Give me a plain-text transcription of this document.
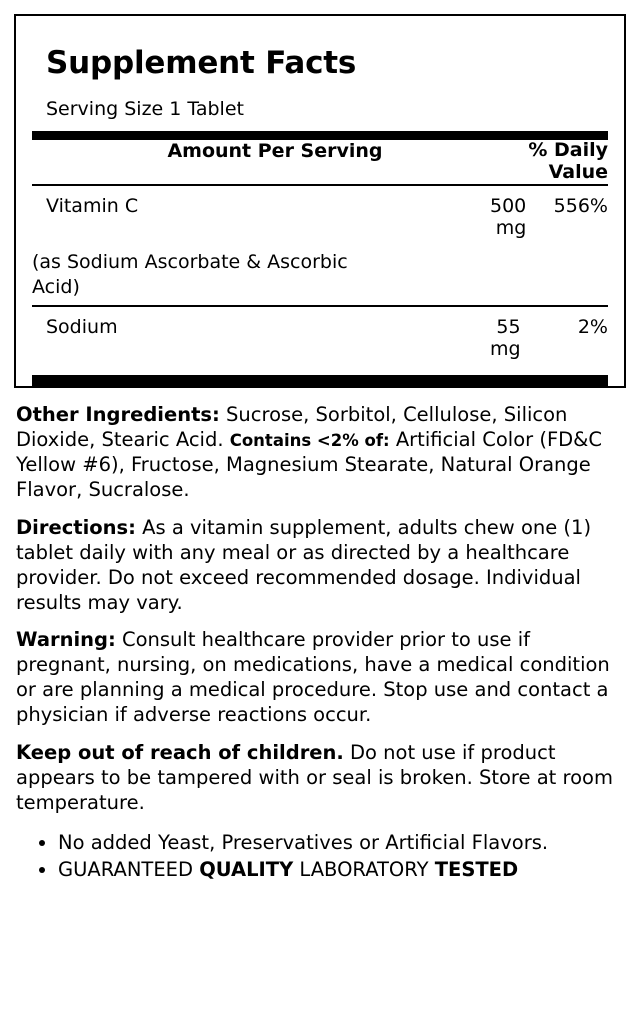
Supplement Facts
Serving Size 1 Tablet
Amount Per Serving	% Daily
Value

Vitamin C		500 mg	556%

(as Sodium Ascorbate & Ascorbic
Acid)

Sodium		55 mg	2%

Other Ingredients: Sucrose, Sorbitol, Cellulose, Silicon Dioxide, Stearic Acid. Contains <2% of: Artificial Color (FD&C Yellow #6), Fructose, Magnesium Stearate, Natural Orange Flavor, Sucralose.

Directions: As a vitamin supplement, adults chew one (1) tablet daily with any meal or as directed by a healthcare provider. Do not exceed recommended dosage. Individual results may vary.

Warning: Consult healthcare provider prior to use if pregnant, nursing, on medications, have a medical condition or are planning a medical procedure. Stop use and contact a physician if adverse reactions occur.

Keep out of reach of children. Do not use if product appears to be tampered with or seal is broken. Store at room temperature.

• No added Yeast, Preservatives or Artificial Flavors.
• GUARANTEED QUALITY LABORATORY TESTED
